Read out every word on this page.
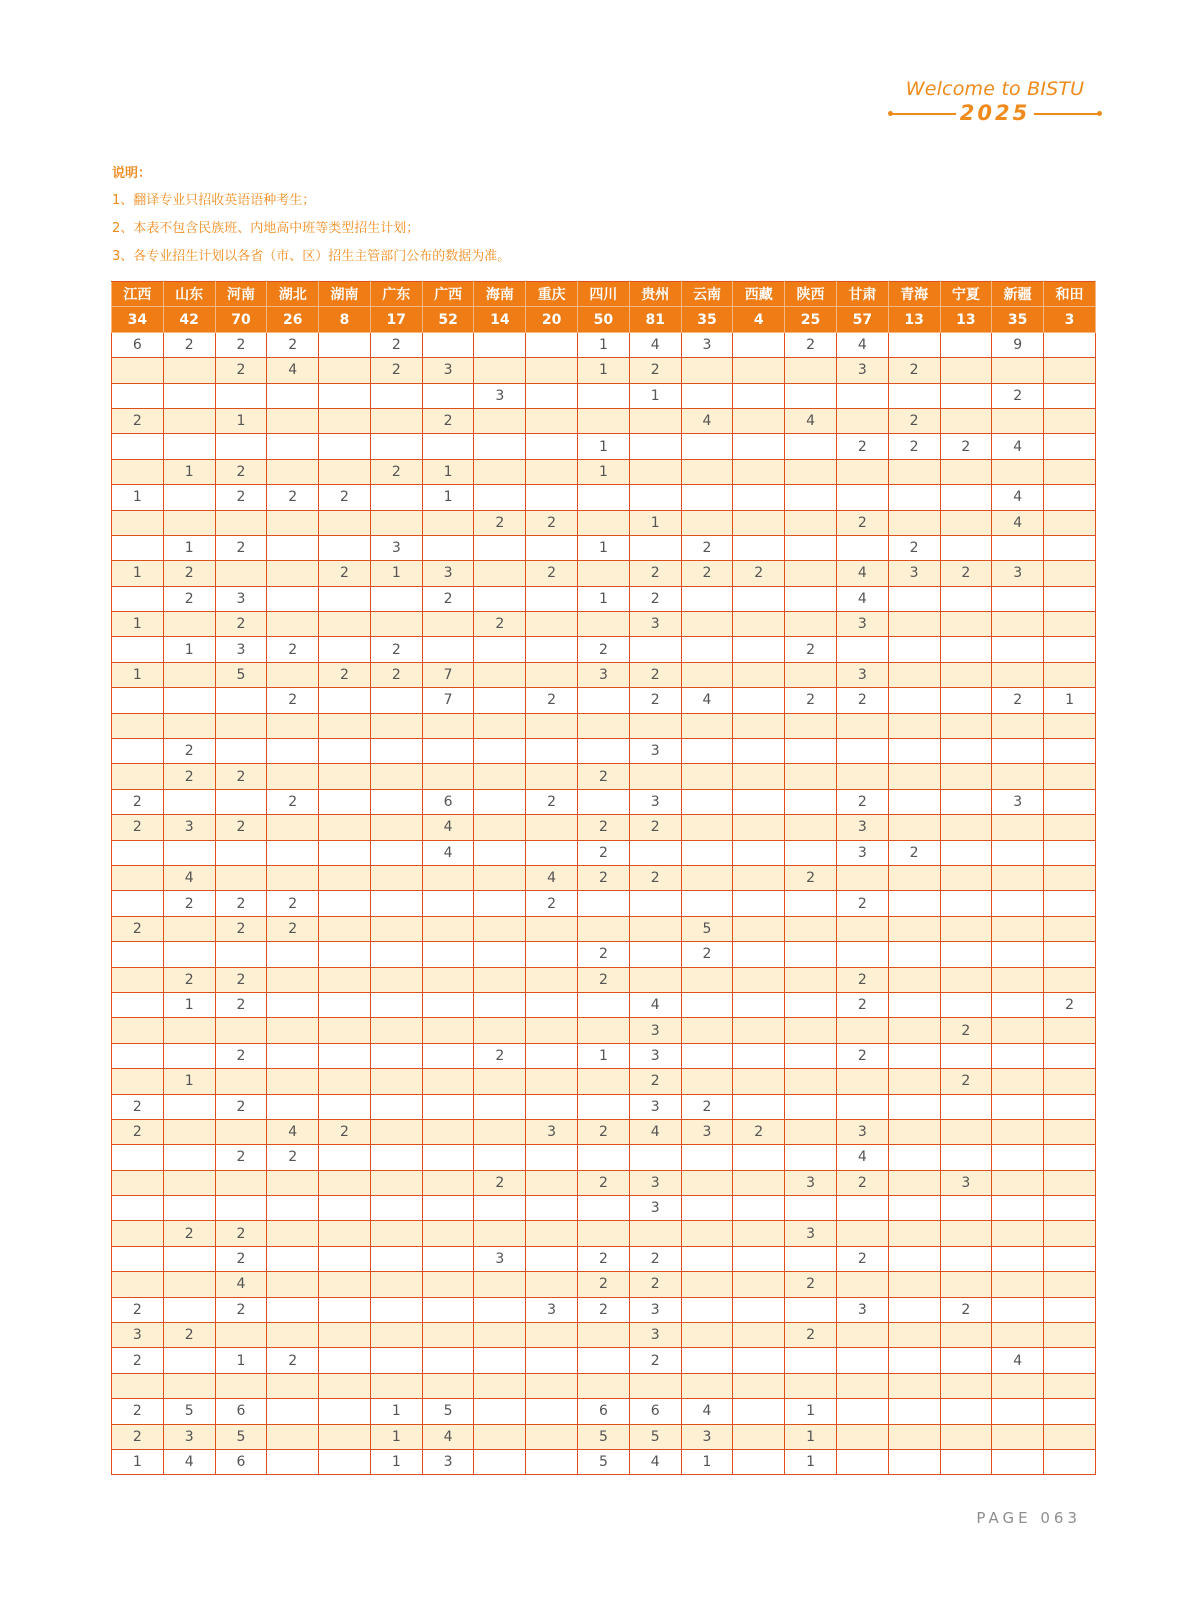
Welcome to BISTU
2025
说明：
1、翻译专业只招收英语语种考生；
2、本表不包含民族班、内地高中班等类型招生计划；
3、各专业招生计划以各省（市、区）招生主管部门公布的数据为准。
江西	山东	河南	湖北	湖南	广东	广西	海南	重庆	四川	贵州	云南	西藏	陕西	甘肃	青海	宁夏	新疆	和田
34	42	70	26	8	17	52	14	20	50	81	35	4	25	57	13	13	35	3
6	2	2	2		2				1	4	3		2	4			9	
		2	4		2	3			1	2				3	2			
							3			1							2	
2		1				2					4		4		2			
									1					2	2	2	4	
	1	2			2	1			1									
1		2	2	2		1											4	
							2	2		1				2			4	
	1	2			3				1		2				2			
1	2			2	1	3		2		2	2	2		4	3	2	3	
	2	3				2			1	2				4				
1		2					2			3				3				
	1	3	2		2				2				2					
1		5		2	2	7			3	2				3				
			2			7		2		2	4		2	2			2	1

	2									3								
	2	2							2									
2			2			6		2		3				2			3	
2	3	2				4			2	2				3				
						4			2					3	2			
	4							4	2	2			2					
	2	2	2					2						2				
2		2	2								5							
									2		2							
	2	2							2					2				
	1	2								4				2				2
										3						2		
		2					2		1	3				2				
	1									2						2		
2		2								3	2							
2			4	2				3	2	4	3	2		3				
		2	2											4				
							2		2	3			3	2		3		
										3								
	2	2											3					
		2					3		2	2				2				
		4							2	2			2					
2		2						3	2	3				3		2		
3	2									3			2					
2		1	2							2							4	

2	5	6			1	5			6	6	4		1					
2	3	5			1	4			5	5	3		1					
1	4	6			1	3			5	4	1		1					
PAGE 063
